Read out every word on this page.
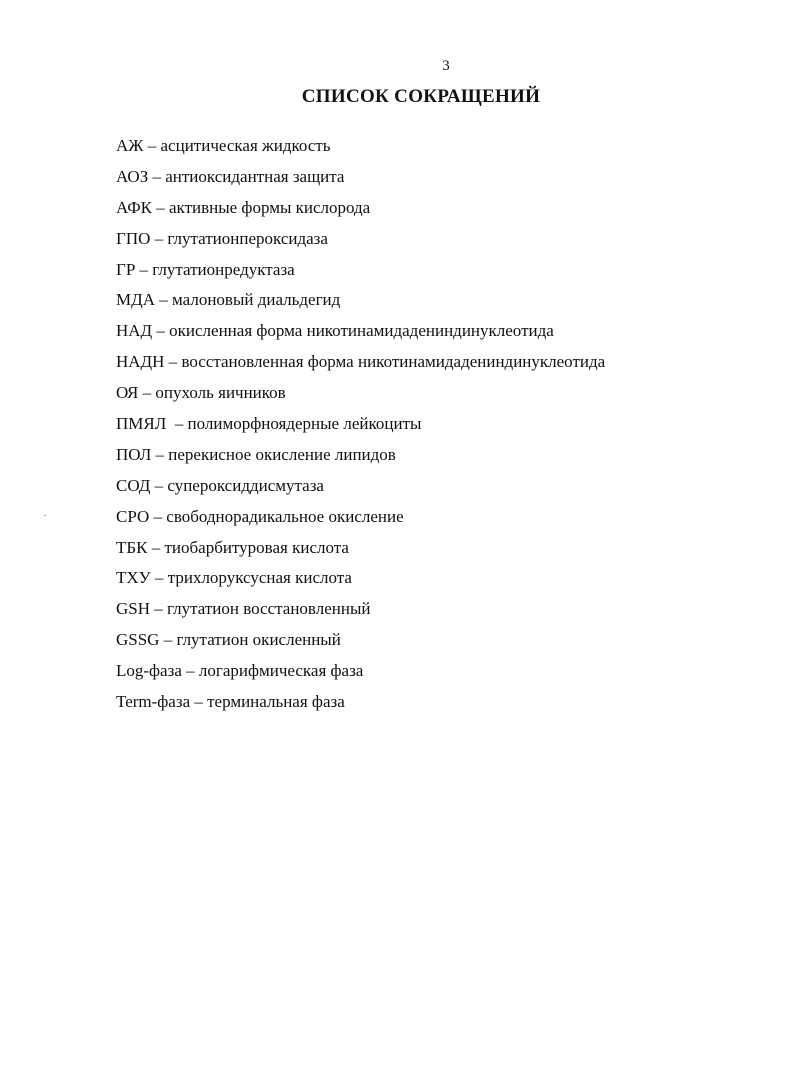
3
СПИСОК СОКРАЩЕНИЙ
АЖ – асцитическая жидкость
АОЗ – антиоксидантная защита
АФК – активные формы кислорода
ГПО – глутатионпероксидаза
ГР – глутатионредуктаза
МДА – малоновый диальдегид
НАД – окисленная форма никотинамидадениндинуклеотида
НАДН – восстановленная форма никотинамидадениндинуклеотида
ОЯ – опухоль яичников
ПМЯЛ  – полиморфноядерные лейкоциты
ПОЛ – перекисное окисление липидов
СОД – супероксиддисмутаза
СРО – свободнорадикальное окисление
ТБК – тиобарбитуровая кислота
ТХУ – трихлоруксусная кислота
GSH – глутатион восстановленный
GSSG – глутатион окисленный
Log-фаза – логарифмическая фаза
Term-фаза – терминальная фаза
